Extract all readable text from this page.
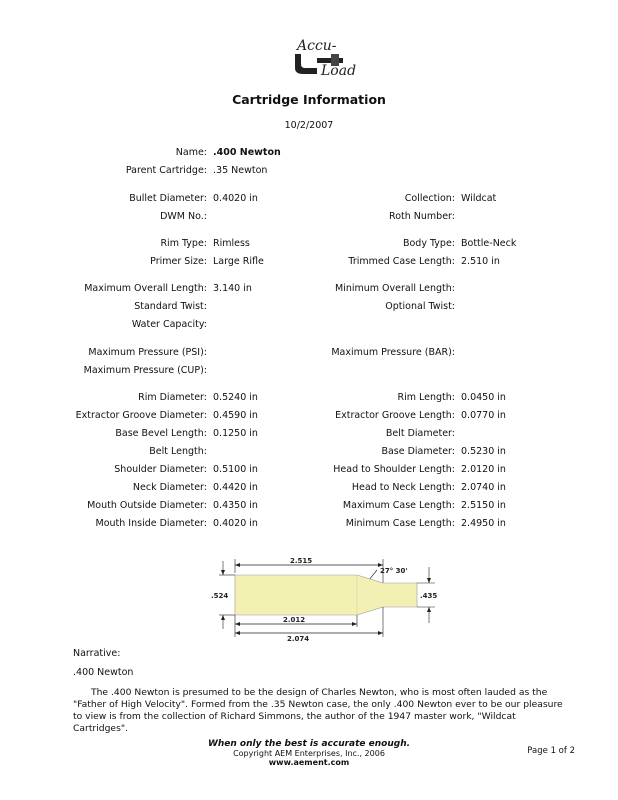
Accu-
Load
Cartridge Information
10/2/2007
Name: .400 Newton
Parent Cartridge: .35 Newton
Bullet Diameter: 0.4020 in	Collection: Wildcat
DWM No.:	Roth Number:
Rim Type: Rimless	Body Type: Bottle-Neck
Primer Size: Large Rifle	Trimmed Case Length: 2.510 in
Maximum Overall Length: 3.140 in	Minimum Overall Length:
Standard Twist:	Optional Twist:
Water Capacity:
Maximum Pressure (PSI):	Maximum Pressure (BAR):
Maximum Pressure (CUP):
Rim Diameter: 0.5240 in	Rim Length: 0.0450 in
Extractor Groove Diameter: 0.4590 in	Extractor Groove Length: 0.0770 in
Base Bevel Length: 0.1250 in	Belt Diameter:
Belt Length:	Base Diameter: 0.5230 in
Shoulder Diameter: 0.5100 in	Head to Shoulder Length: 2.0120 in
Neck Diameter: 0.4420 in	Head to Neck Length: 2.0740 in
Mouth Outside Diameter: 0.4350 in	Maximum Case Length: 2.5150 in
Mouth Inside Diameter: 0.4020 in	Minimum Case Length: 2.4950 in
2.515
27° 30'
.524	.435
2.012
2.074
Narrative:
.400 Newton
The .400 Newton is presumed to be the design of Charles Newton, who is most often lauded as the "Father of High Velocity". Formed from the .35 Newton case, the only .400 Newton ever to be our pleasure to view is from the collection of Richard Simmons, the author of the 1947 master work, "Wildcat Cartridges".
When only the best is accurate enough.
Copyright AEM Enterprises, Inc., 2006
www.aement.com
Page 1 of 2
